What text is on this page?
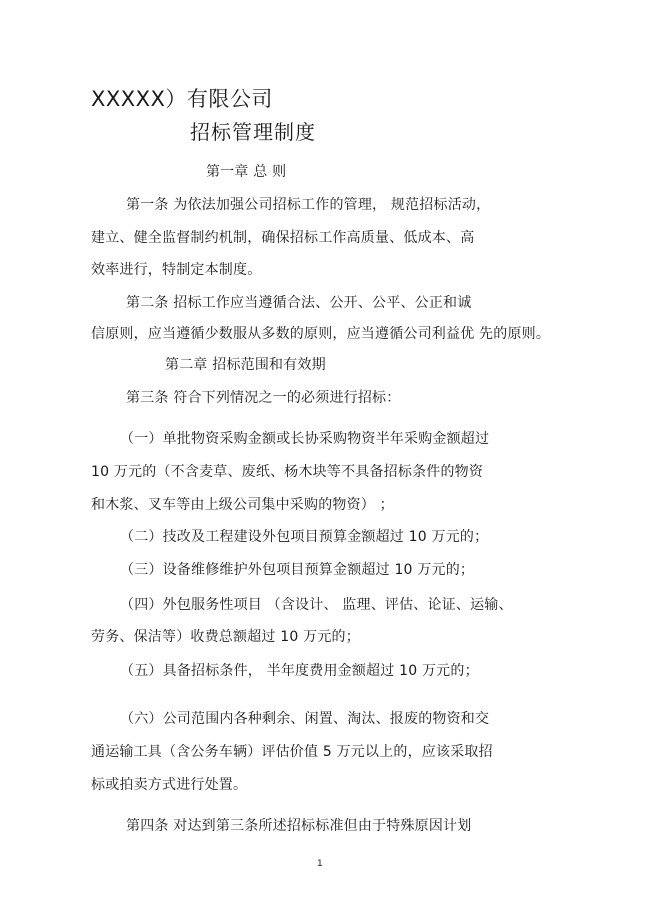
XXXXX）有限公司
招标管理制度
第一章 总 则
第一条 为依法加强公司招标工作的管理， 规范招标活动，
建立、健全监督制约机制，确保招标工作高质量、低成本、高
效率进行，特制定本制度。
第二条 招标工作应当遵循合法、公开、公平、公正和诚
信原则，应当遵循少数服从多数的原则，应当遵循公司利益优 先的原则。
第二章 招标范围和有效期
第三条 符合下列情况之一的必须进行招标：
（一）单批物资采购金额或长协采购物资半年采购金额超过
10 万元的（不含麦草、废纸、杨木块等不具备招标条件的物资
和木浆、叉车等由上级公司集中采购的物资） ；
（二）技改及工程建设外包项目预算金额超过 10 万元的；
（三）设备维修维护外包项目预算金额超过 10 万元的；
（四）外包服务性项目 （含设计、 监理、评估、论证、运输、
劳务、保洁等）收费总额超过 10 万元的；
（五）具备招标条件， 半年度费用金额超过 10 万元的；
（六）公司范围内各种剩余、闲置、淘汰、报废的物资和交
通运输工具（含公务车辆）评估价值 5 万元以上的，应该采取招
标或拍卖方式进行处置。
第四条 对达到第三条所述招标标准但由于特殊原因计划
1
